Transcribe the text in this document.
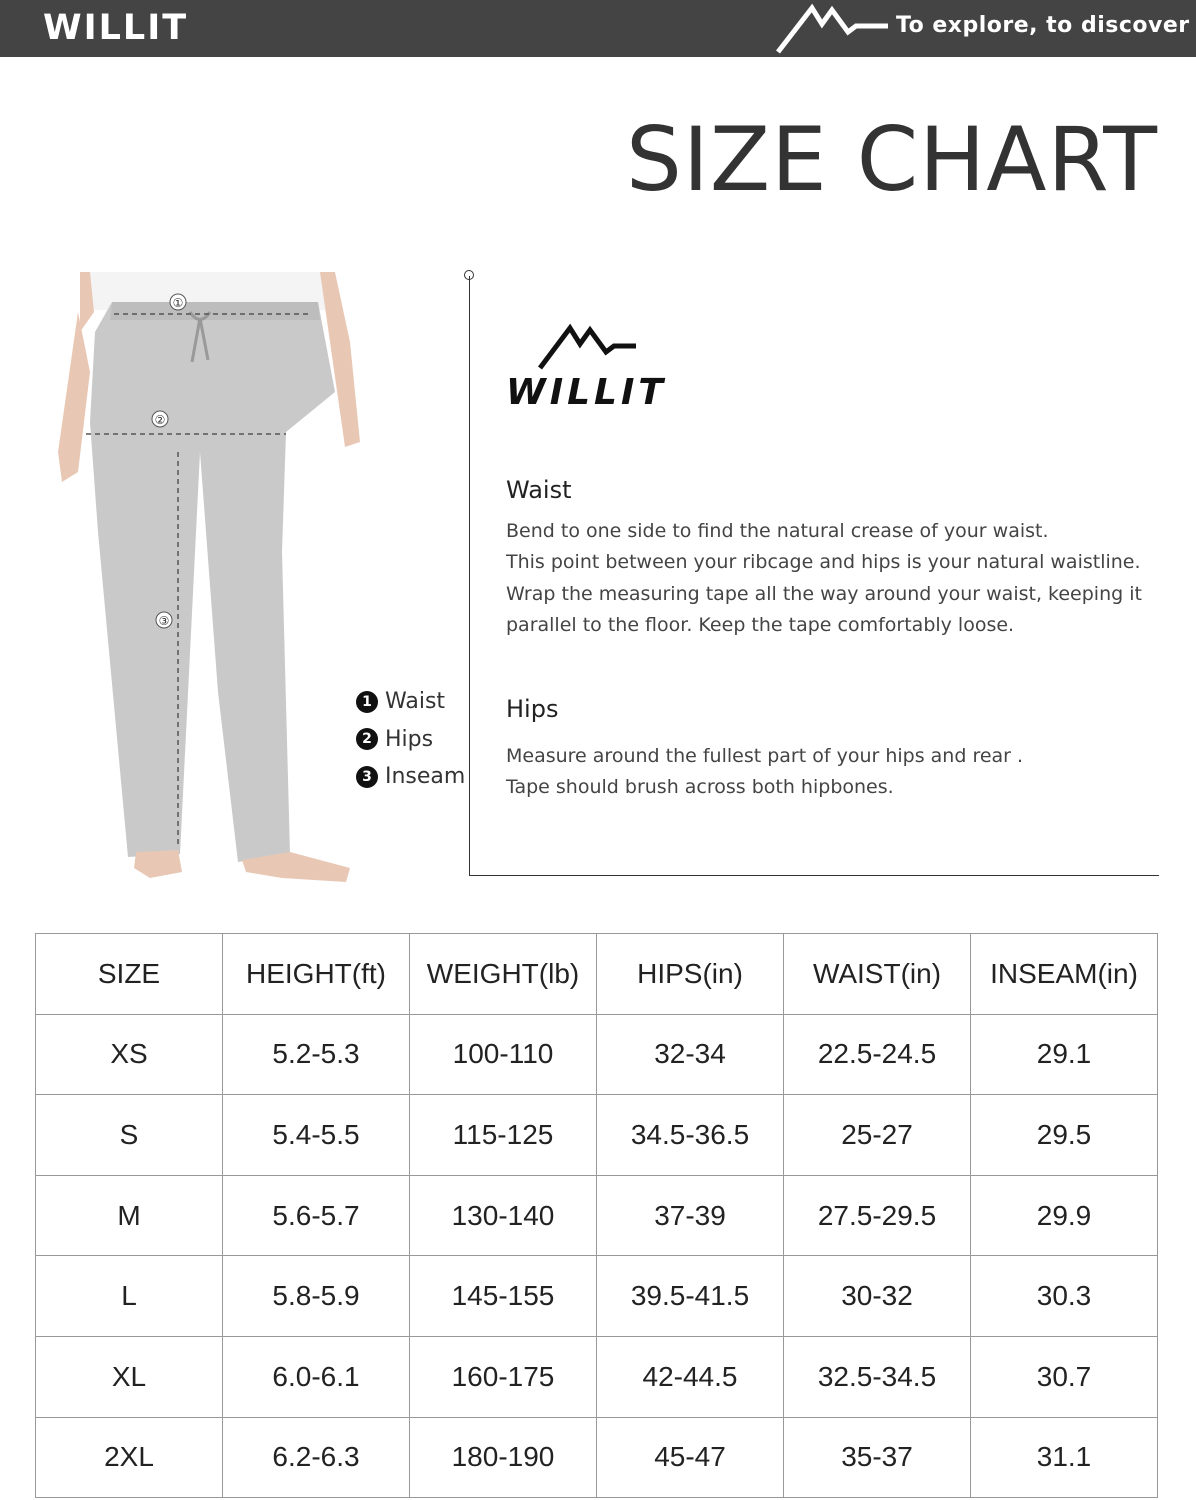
WILLIT	To explore, to discover
SIZE CHART
①
②
③
1 Waist
2 Hips
3 Inseam
WILLIT
Waist
Bend to one side to find the natural crease of your waist.
This point between your ribcage and hips is your natural waistline.
Wrap the measuring tape all the way around your waist, keeping it
parallel to the floor. Keep the tape comfortably loose.
Hips
Measure around the fullest part of your hips and rear .
Tape should brush across both hipbones.
SIZE	HEIGHT(ft)	WEIGHT(lb)	HIPS(in)	WAIST(in)	INSEAM(in)
XS	5.2-5.3	100-110	32-34	22.5-24.5	29.1
S	5.4-5.5	115-125	34.5-36.5	25-27	29.5
M	5.6-5.7	130-140	37-39	27.5-29.5	29.9
L	5.8-5.9	145-155	39.5-41.5	30-32	30.3
XL	6.0-6.1	160-175	42-44.5	32.5-34.5	30.7
2XL	6.2-6.3	180-190	45-47	35-37	31.1
